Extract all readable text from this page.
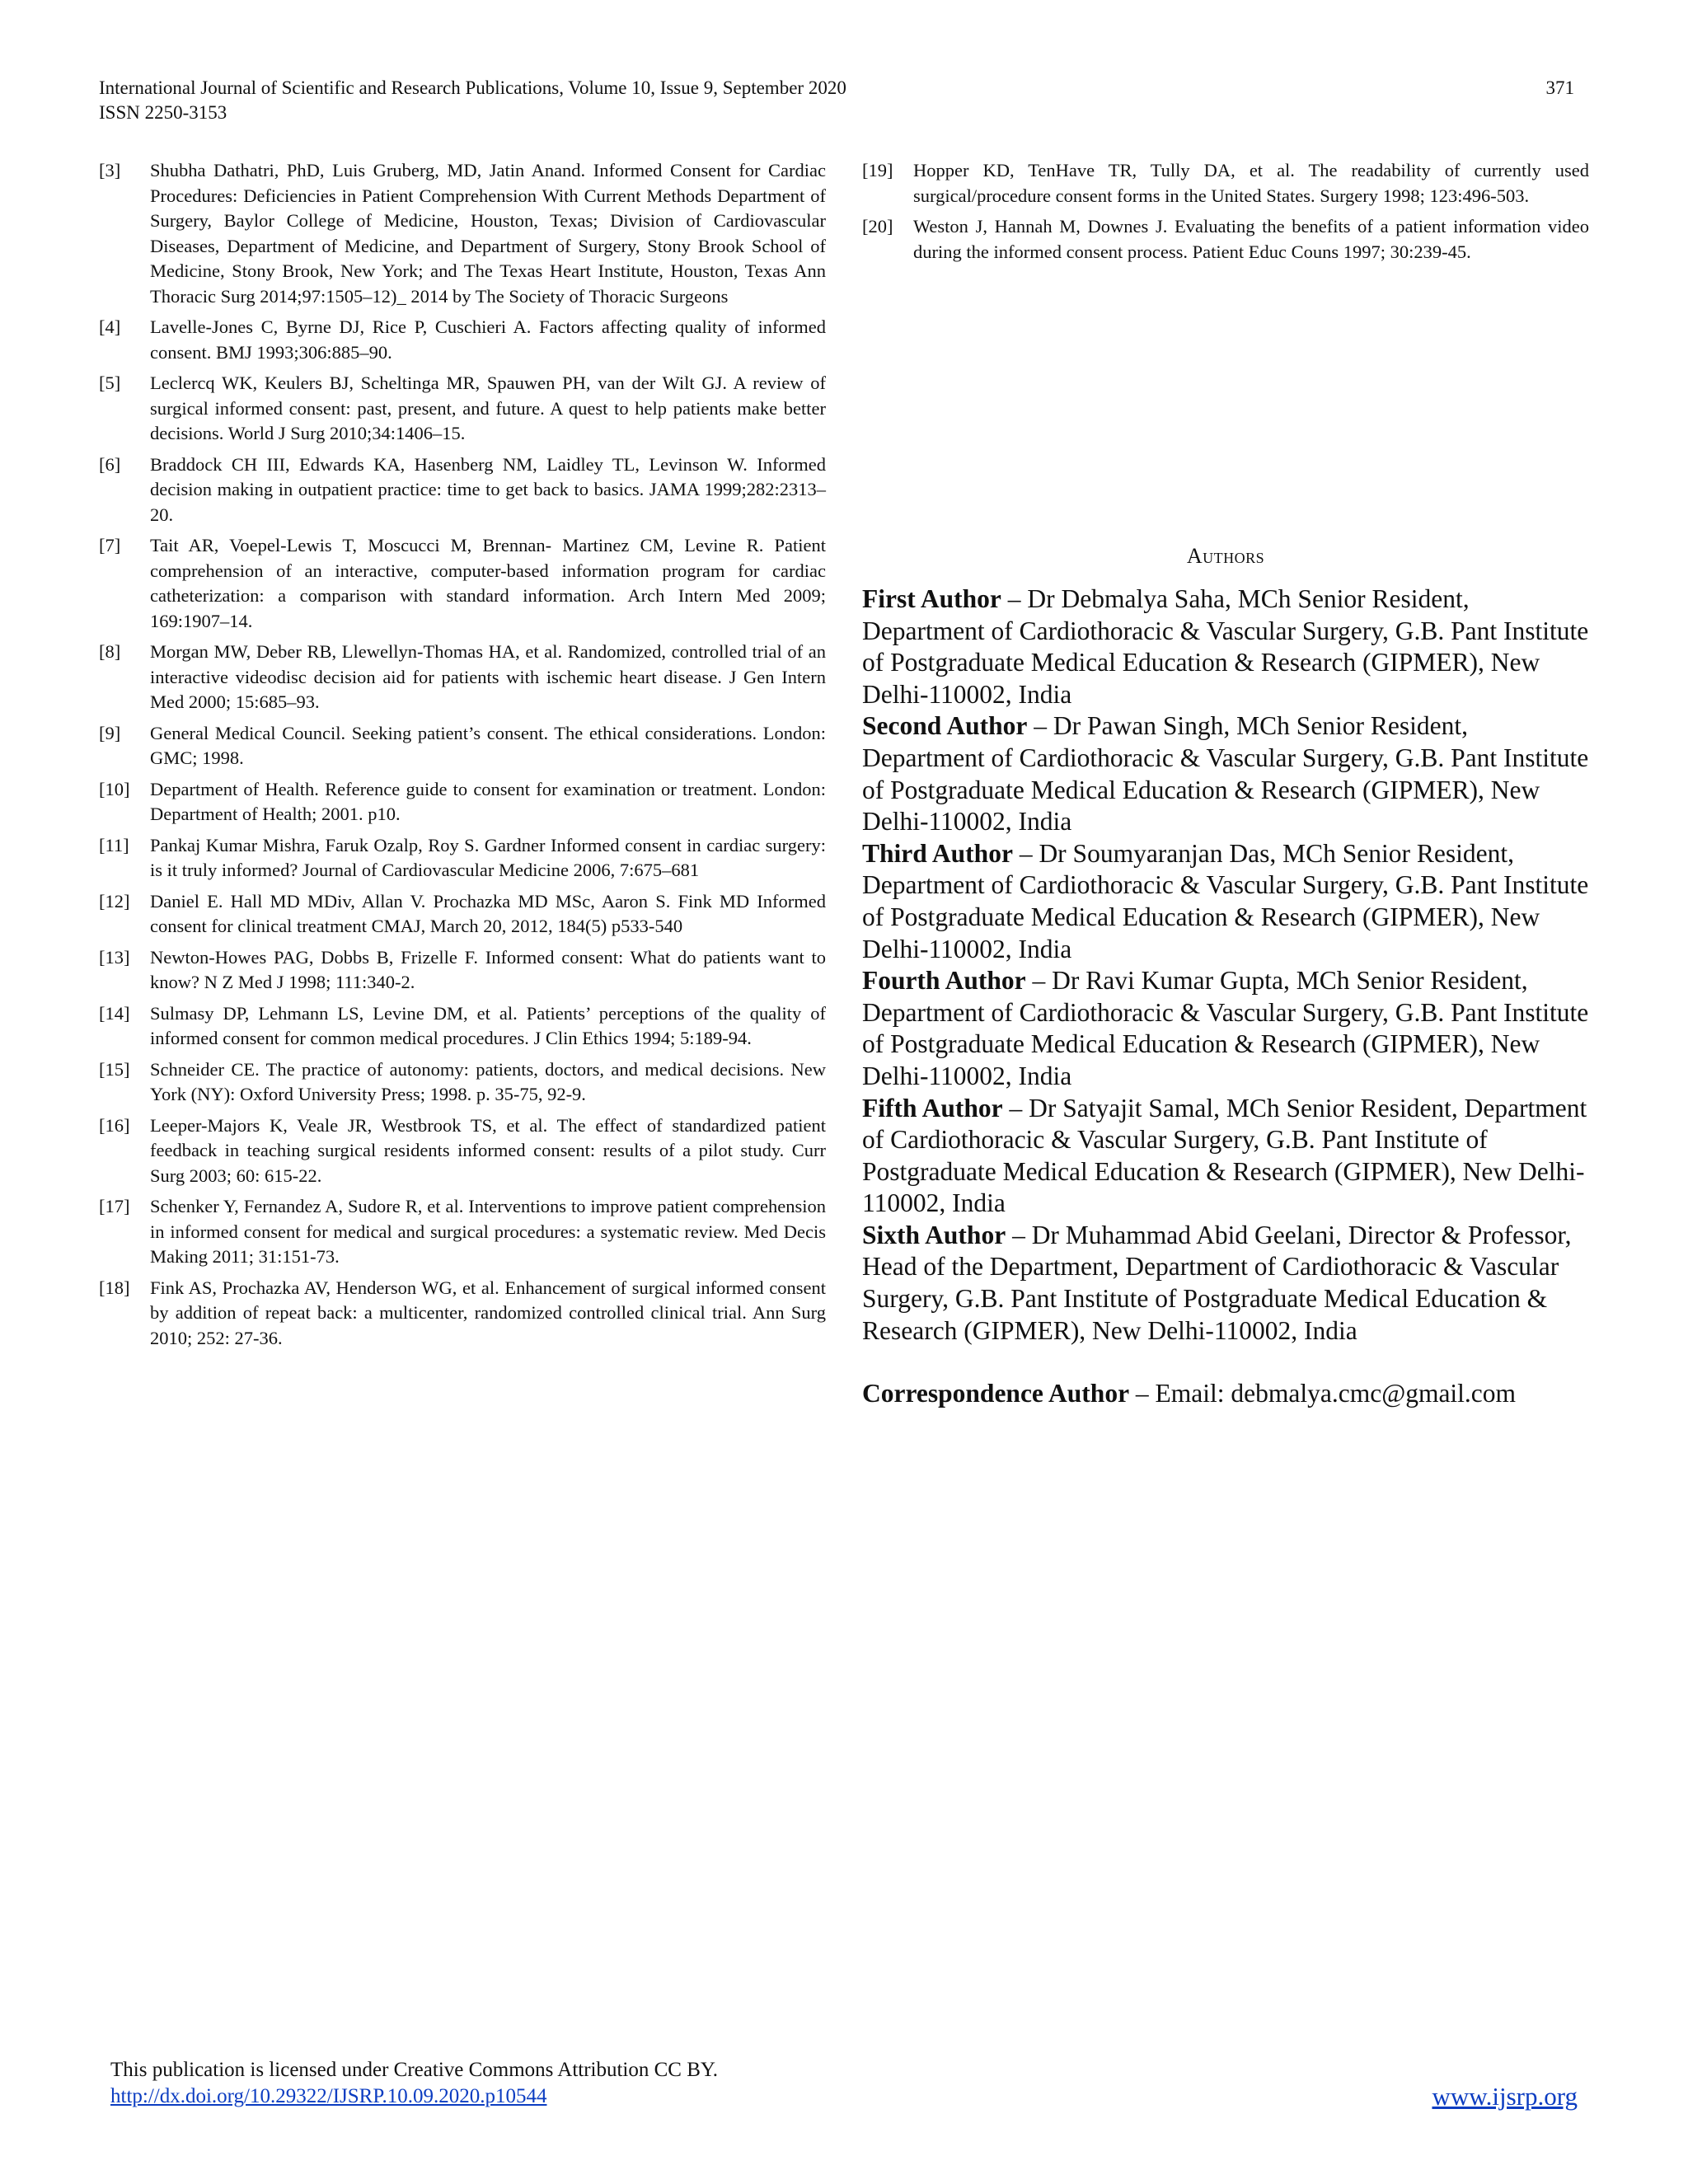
International Journal of Scientific and Research Publications, Volume 10, Issue 9, September 2020
ISSN 2250-3153
371
[3]	Shubha Dathatri, PhD, Luis Gruberg, MD, Jatin Anand. Informed Consent for Cardiac Procedures: Deficiencies in Patient Comprehension With Current Methods Department of Surgery, Baylor College of Medicine, Houston, Texas; Division of Cardiovascular Diseases, Department of Medicine, and Department of Surgery, Stony Brook School of Medicine, Stony Brook, New York; and The Texas Heart Institute, Houston, Texas Ann Thoracic Surg 2014;97:1505–12)_ 2014 by The Society of Thoracic Surgeons
[4]	Lavelle-Jones C, Byrne DJ, Rice P, Cuschieri A. Factors affecting quality of informed consent. BMJ 1993;306:885–90.
[5]	Leclercq WK, Keulers BJ, Scheltinga MR, Spauwen PH, van der Wilt GJ. A review of surgical informed consent: past, present, and future. A quest to help patients make better decisions. World J Surg 2010;34:1406–15.
[6]	Braddock CH III, Edwards KA, Hasenberg NM, Laidley TL, Levinson W. Informed decision making in outpatient practice: time to get back to basics. JAMA 1999;282:2313–20.
[7]	Tait AR, Voepel-Lewis T, Moscucci M, Brennan- Martinez CM, Levine R. Patient comprehension of an interactive, computer-based information program for cardiac catheterization: a comparison with standard information. Arch Intern Med 2009; 169:1907–14.
[8]	Morgan MW, Deber RB, Llewellyn-Thomas HA, et al. Randomized, controlled trial of an interactive videodisc decision aid for patients with ischemic heart disease. J Gen Intern Med 2000; 15:685–93.
[9]	General Medical Council. Seeking patient’s consent. The ethical considerations. London: GMC; 1998.
[10]	Department of Health. Reference guide to consent for examination or treatment. London: Department of Health; 2001. p10.
[11]	Pankaj Kumar Mishra, Faruk Ozalp, Roy S. Gardner Informed consent in cardiac surgery: is it truly informed? Journal of Cardiovascular Medicine 2006, 7:675–681
[12]	Daniel E. Hall MD MDiv, Allan V. Prochazka MD MSc, Aaron S. Fink MD Informed consent for clinical treatment CMAJ, March 20, 2012, 184(5) p533-540
[13]	Newton-Howes PAG, Dobbs B, Frizelle F. Informed consent: What do patients want to know? N Z Med J 1998; 111:340-2.
[14]	Sulmasy DP, Lehmann LS, Levine DM, et al. Patients’ perceptions of the quality of informed consent for common medical procedures. J Clin Ethics 1994; 5:189-94.
[15]	Schneider CE. The practice of autonomy: patients, doctors, and medical decisions. New York (NY): Oxford University Press; 1998. p. 35-75, 92-9.
[16]	Leeper-Majors K, Veale JR, Westbrook TS, et al. The effect of standardized patient feedback in teaching surgical residents informed consent: results of a pilot study. Curr Surg 2003; 60: 615-22.
[17]	Schenker Y, Fernandez A, Sudore R, et al. Interventions to improve patient comprehension in informed consent for medical and surgical procedures: a systematic review. Med Decis Making 2011; 31:151-73.
[18]	Fink AS, Prochazka AV, Henderson WG, et al. Enhancement of surgical informed consent by addition of repeat back: a multicenter, randomized controlled clinical trial. Ann Surg 2010; 252: 27-36.
[19]	Hopper KD, TenHave TR, Tully DA, et al. The readability of currently used surgical/procedure consent forms in the United States. Surgery 1998; 123:496-503.
[20]	Weston J, Hannah M, Downes J. Evaluating the benefits of a patient information video during the informed consent process. Patient Educ Couns 1997; 30:239-45.
Authors

First Author – Dr Debmalya Saha, MCh Senior Resident, Department of Cardiothoracic & Vascular Surgery, G.B. Pant Institute of Postgraduate Medical Education & Research (GIPMER), New Delhi-110002, India

Second Author – Dr Pawan Singh, MCh Senior Resident, Department of Cardiothoracic & Vascular Surgery, G.B. Pant Institute of Postgraduate Medical Education & Research (GIPMER), New Delhi-110002, India

Third Author – Dr Soumyaranjan Das, MCh Senior Resident, Department of Cardiothoracic & Vascular Surgery, G.B. Pant Institute of Postgraduate Medical Education & Research (GIPMER), New Delhi-110002, India

Fourth Author – Dr Ravi Kumar Gupta, MCh Senior Resident, Department of Cardiothoracic & Vascular Surgery, G.B. Pant Institute of Postgraduate Medical Education & Research (GIPMER), New Delhi-110002, India

Fifth Author – Dr Satyajit Samal, MCh Senior Resident, Department of Cardiothoracic & Vascular Surgery, G.B. Pant Institute of Postgraduate Medical Education & Research (GIPMER), New Delhi-110002, India

Sixth Author – Dr Muhammad Abid Geelani, Director & Professor, Head of the Department, Department of Cardiothoracic & Vascular Surgery, G.B. Pant Institute of Postgraduate Medical Education & Research (GIPMER), New Delhi-110002, India

Correspondence Author – Email: debmalya.cmc@gmail.com

This publication is licensed under Creative Commons Attribution CC BY.
http://dx.doi.org/10.29322/IJSRP.10.09.2020.p10544	www.ijsrp.org
